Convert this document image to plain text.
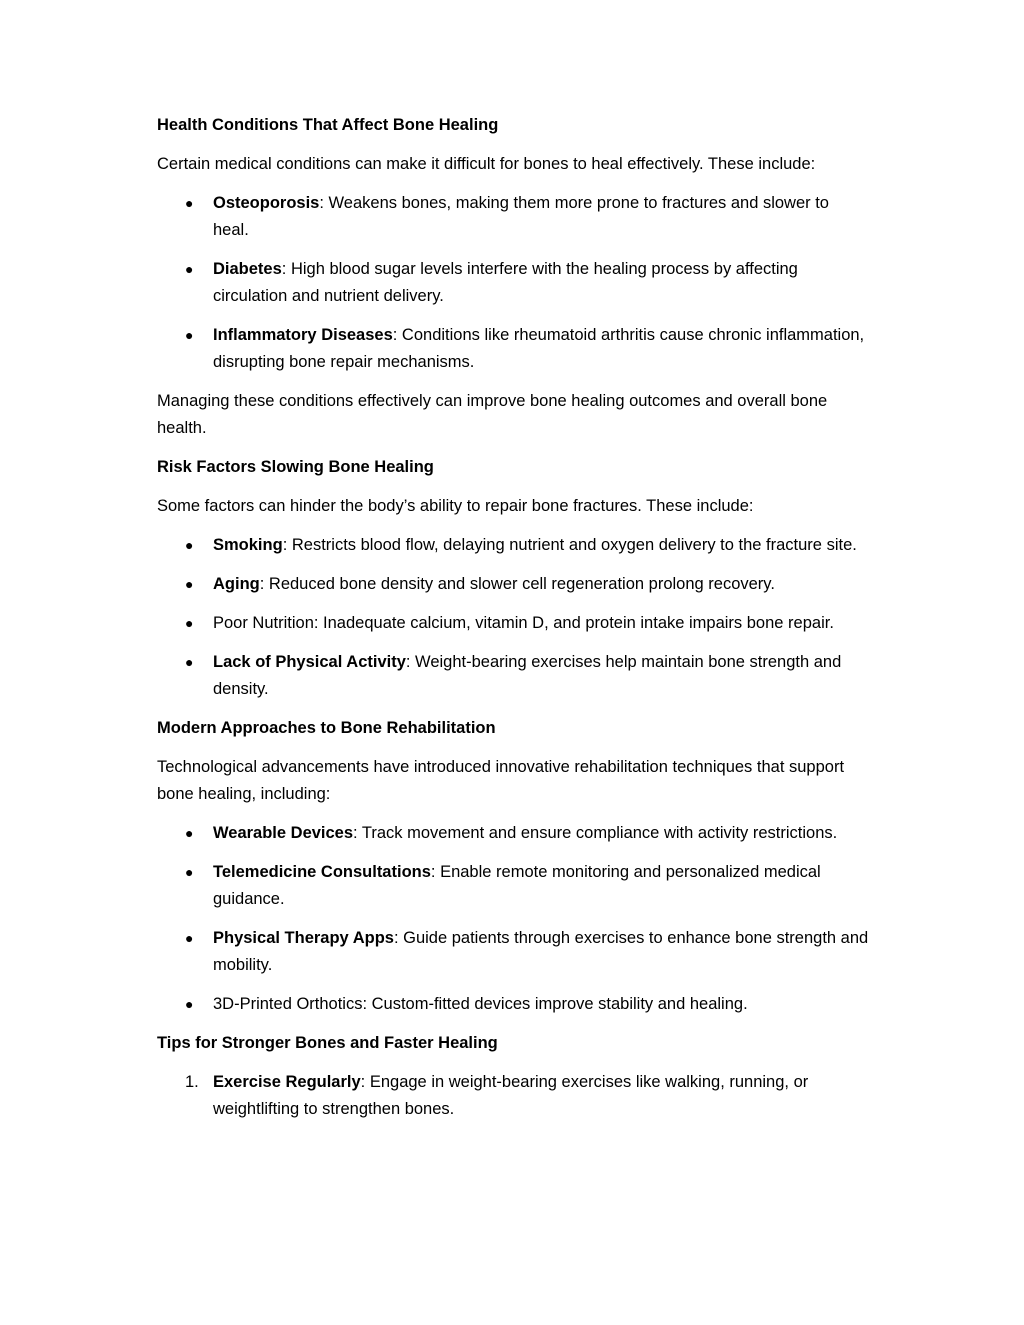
Health Conditions That Affect Bone Healing
Certain medical conditions can make it difficult for bones to heal effectively. These include:
● Osteoporosis: Weakens bones, making them more prone to fractures and slower to heal.
● Diabetes: High blood sugar levels interfere with the healing process by affecting circulation and nutrient delivery.
● Inflammatory Diseases: Conditions like rheumatoid arthritis cause chronic inflammation, disrupting bone repair mechanisms.
Managing these conditions effectively can improve bone healing outcomes and overall bone health.
Risk Factors Slowing Bone Healing
Some factors can hinder the body’s ability to repair bone fractures. These include:
● Smoking: Restricts blood flow, delaying nutrient and oxygen delivery to the fracture site.
● Aging: Reduced bone density and slower cell regeneration prolong recovery.
● Poor Nutrition: Inadequate calcium, vitamin D, and protein intake impairs bone repair.
● Lack of Physical Activity: Weight-bearing exercises help maintain bone strength and density.
Modern Approaches to Bone Rehabilitation
Technological advancements have introduced innovative rehabilitation techniques that support bone healing, including:
● Wearable Devices: Track movement and ensure compliance with activity restrictions.
● Telemedicine Consultations: Enable remote monitoring and personalized medical guidance.
● Physical Therapy Apps: Guide patients through exercises to enhance bone strength and mobility.
● 3D-Printed Orthotics: Custom-fitted devices improve stability and healing.
Tips for Stronger Bones and Faster Healing
1. Exercise Regularly: Engage in weight-bearing exercises like walking, running, or weightlifting to strengthen bones.
